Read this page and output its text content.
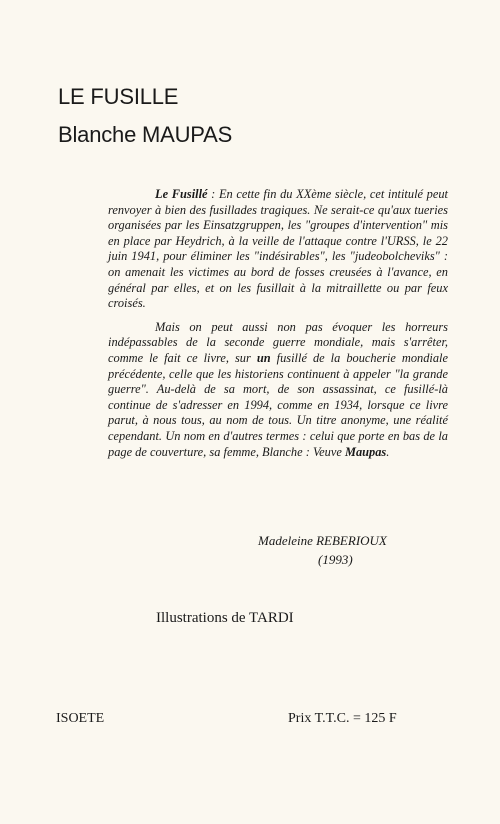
LE FUSILLE
Blanche MAUPAS

Le Fusillé : En cette fin du XXème siècle, cet intitulé peut renvoyer à bien des fusillades tragiques. Ne serait-ce qu'aux tueries organisées par les Einsatzgruppen, les "groupes d'intervention" mis en place par Heydrich, à la veille de l'attaque contre l'URSS, le 22 juin 1941, pour éliminer les "indésirables", les "judeobolcheviks" : on amenait les victimes au bord de fosses creusées à l'avance, en général par elles, et on les fusillait à la mitraillette ou par feux croisés.

Mais on peut aussi non pas évoquer les horreurs indépassables de la seconde guerre mondiale, mais s'arrêter, comme le fait ce livre, sur un fusillé de la boucherie mondiale précédente, celle que les historiens continuent à appeler "la grande guerre". Au-delà de sa mort, de son assassinat, ce fusillé-là continue de s'adresser en 1994, comme en 1934, lorsque ce livre parut, à nous tous, au nom de tous. Un titre anonyme, une réalité cependant. Un nom en d'autres termes : celui que porte en bas de la page de couverture, sa femme, Blanche : Veuve Maupas.

Madeleine REBERIOUX
(1993)
Illustrations de TARDI
ISOETE	Prix T.T.C. = 125 F
